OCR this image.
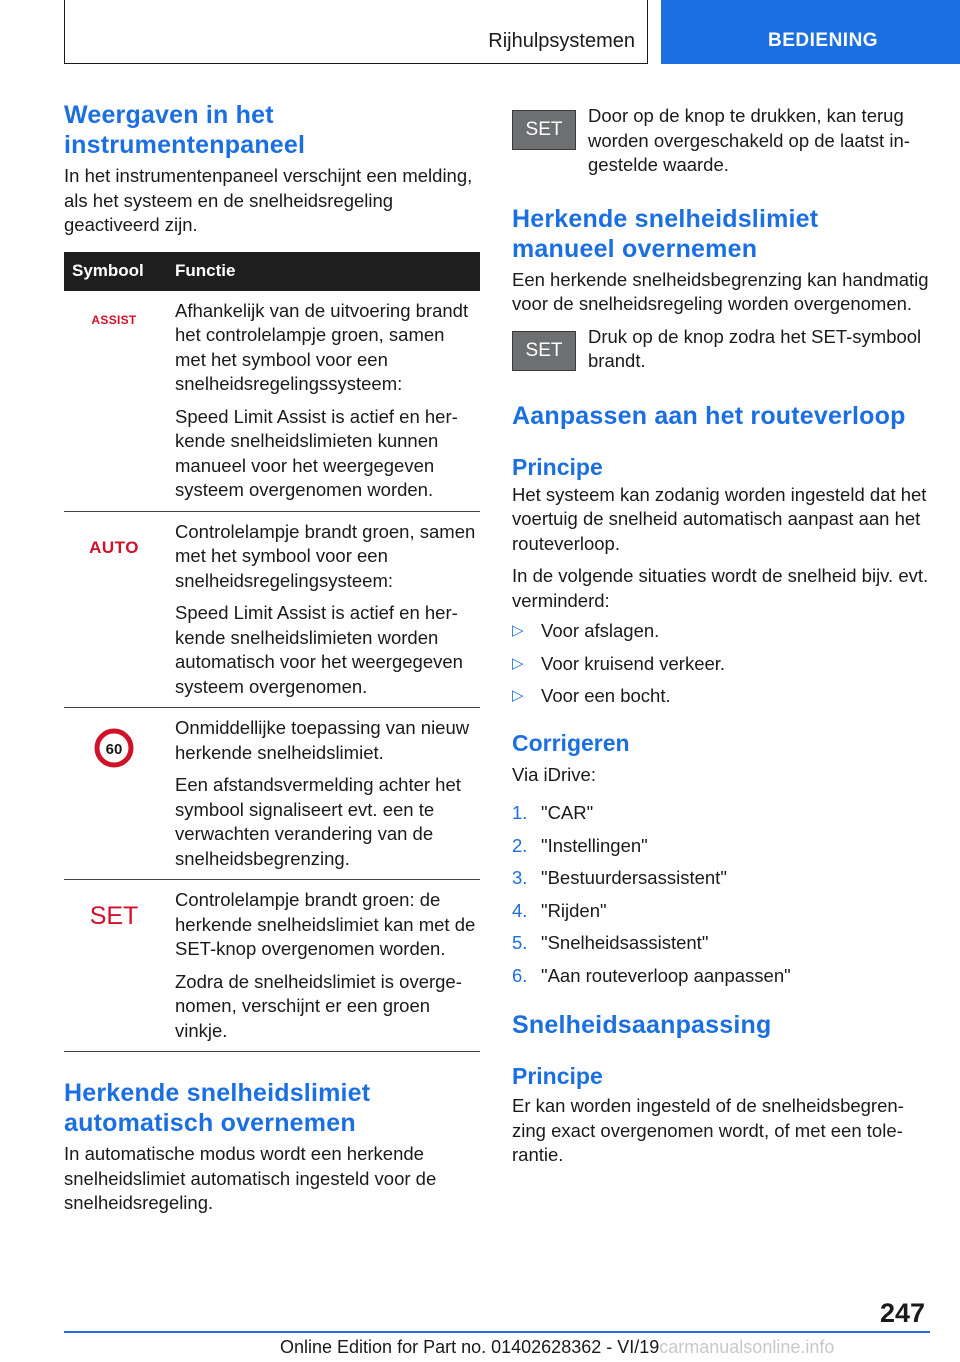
Rijhulpsystemen	BEDIENING
Weergaven in het instrumentenpaneel

In het instrumentenpaneel verschijnt een melding, als het systeem en de snelheidsregeling geactiveerd zijn.

Symbool	Functie

ASSIST	Afhankelijk van de uitvoering brandt het controlelampje groen, samen met het symbool voor een snelheidsregelingssysteem:

Speed Limit Assist is actief en herkende snelheidslimieten kunnen manueel voor het weergegeven systeem overgenomen worden.

AUTO	Controlelampje brandt groen, samen met het symbool voor een snelheidsregelingsysteem:

Speed Limit Assist is actief en herkende snelheidslimieten worden automatisch voor het weergegeven systeem overgenomen.

60	Onmiddellijke toepassing van nieuw herkende snelheidslimiet.

Een afstandsvermelding achter het symbool signaliseert evt. een te verwachten verandering van de snelheidsbegrenzing.

SET	Controlelampje brandt groen: de herkende snelheidslimiet kan met de SET-knop overgenomen worden.

Zodra de snelheidslimiet is overgenomen, verschijnt er een groen vinkje.

Herkende snelheidslimiet automatisch overnemen

In automatische modus wordt een herkende snelheidslimiet automatisch ingesteld voor de snelheidsregeling.

SET

Door op de knop te drukken, kan terug worden overgeschakeld op de laatst ingestelde waarde.

Herkende snelheidslimiet manueel overnemen

Een herkende snelheidsbegrenzing kan handmatig voor de snelheidsregeling worden overgenomen.

SET

Druk op de knop zodra het SET-symbool brandt.

Aanpassen aan het routeverloop
Principe

Het systeem kan zodanig worden ingesteld dat het voertuig de snelheid automatisch aanpast aan het routeverloop.

In de volgende situaties wordt de snelheid bijv. evt. verminderd:

▷ Voor afslagen.
▷ Voor kruisend verkeer.
▷ Voor een bocht.
Corrigeren

Via iDrive:

1. "CAR"
2. "Instellingen"
3. "Bestuurdersassistent"
4. "Rijden"
5. "Snelheidsassistent"
6. "Aan routeverloop aanpassen"
Snelheidsaanpassing
Principe

Er kan worden ingesteld of de snelheidsbegrenzing exact overgenomen wordt, of met een tolerantie.

247
Online Edition for Part no. 01402628362 - VI/19carmanualsonline.info
